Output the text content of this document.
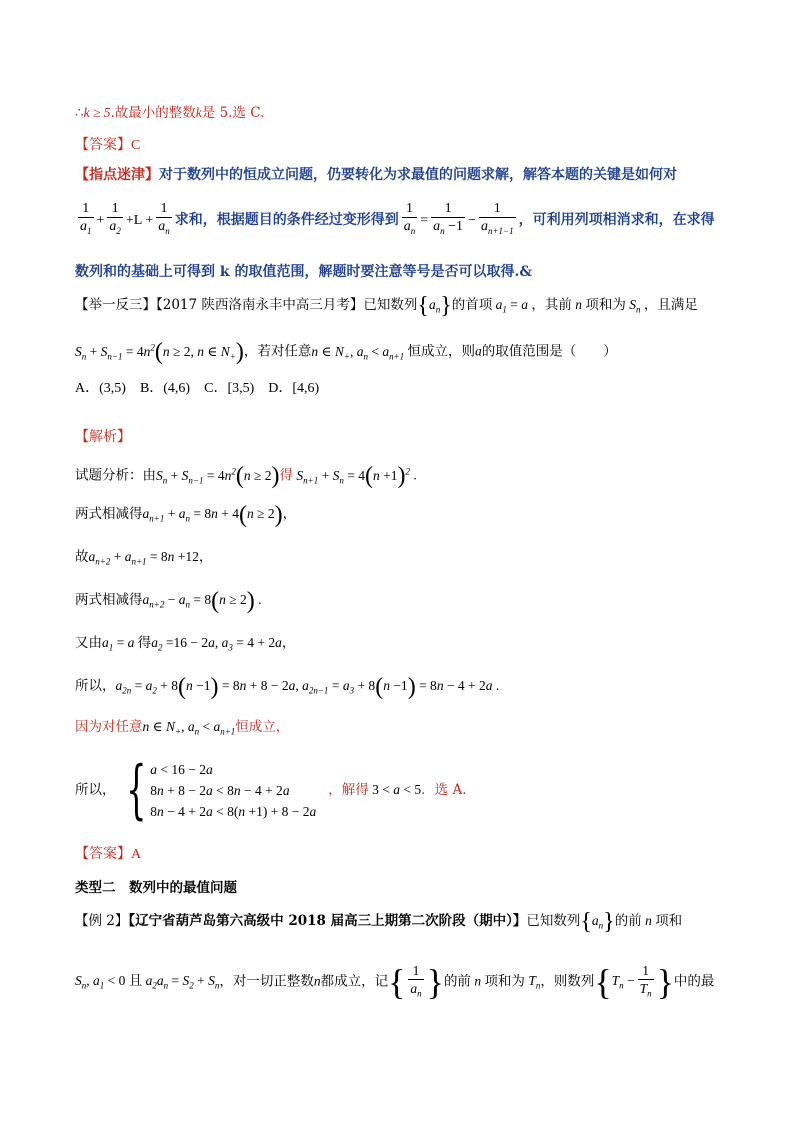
∴k ≥ 5.故最小的整数k是 5.选 C.
【答案】C
【指点迷津】对于数列中的恒成立问题，仍要转化为求最值的问题求解，解答本题的关键是如何对
$\frac{1}{a_1} + \frac{1}{a_2} +L + \frac{1}{a_n}$ 求和，根据题目的条件经过变形得到 $\frac{1}{a_n} = \frac{1}{a_n -1} - \frac{1}{a_{n+1-1}}$ ，可利用列项相消求和，在求得
数列和的基础上可得到 k 的取值范围，解题时要注意等号是否可以取得.&
【举一反三】【2017 陕西洛南永丰中高三月考】已知数列$\{a_n\}$的首项 $a_1 = a$ ，其前 n 项和为 $S_n$ ，且满足
$S_n + S_{n-1} = 4n^2(n \ge 2$, n ∈ $N_+$)，若对任意n ∈ $N_+$, $a_n < a_{n+1}$ 恒成立，则a的取值范围是（　　）
A．(3,5) B．(4,6) C．[3,5) D．[4,6)
【解析】
试题分析：由$S_n + S_{n-1} = 4n^2(n \ge 2)$得 $S_{n+1} + S_n = 4(n +1)^2$ .
两式相减得$a_{n+1} + a_n = 8n + 4(n \ge 2)$，
故$a_{n+2} + a_{n+1} = 8n +12$，
两式相减得$a_{n+2} - a_n = 8(n \ge 2)$ .
又由$a_1 = a$ 得$a_2 =16 - 2a$, $a_3 = 4 + 2a$，
所以，$a_{2n} = a_2 + 8(n -1) = 8n + 8 - 2a$, $a_{2n-1} = a_3 + 8(n -1) = 8n - 4 + 2a$ .
因为对任意n ∈ $N_+$, $a_n < a_{n+1}$恒成立，
所以， { a < 16 − 2a
8n + 8 − 2a < 8n − 4 + 2a
8n − 4 + 2a < 8(n +1) + 8 − 2a
，解得 3 < a < 5 ．选 A.
【答案】A
类型二　数列中的最值问题
【例 2】【辽宁省葫芦岛第六高级中 2018 届高三上期第二次阶段（期中）】已知数列$\{a_n\}$的前 n 项和
$S_n$, $a_1 < 0$ 且 $a_2a_n = S_2 + S_n$，对一切正整数n都成立，记{ $\frac{1}{a_n}$ }的前 n 项和为 $T_n$，则数列{$T_n - \frac{1}{T_n}$ }中的最
